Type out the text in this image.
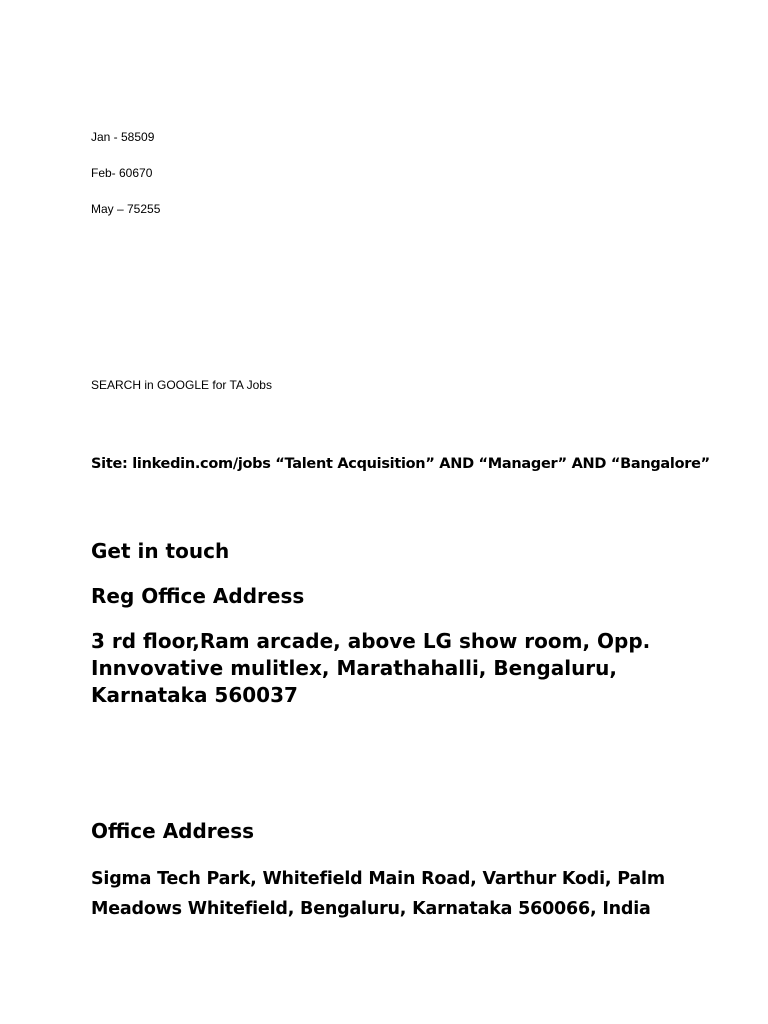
Jan - 58509

Feb- 60670

May – 75255

SEARCH in GOOGLE for TA Jobs

Site: linkedin.com/jobs “Talent Acquisition” AND “Manager” AND “Bangalore”

Get in touch
Reg Office Address

3 rd floor,Ram arcade, above LG show room, Opp. Innvovative mulitlex, Marathahalli, Bengaluru, Karnataka 560037

Office Address

Sigma Tech Park, Whitefield Main Road, Varthur Kodi, Palm Meadows Whitefield, Bengaluru, Karnataka 560066, India
